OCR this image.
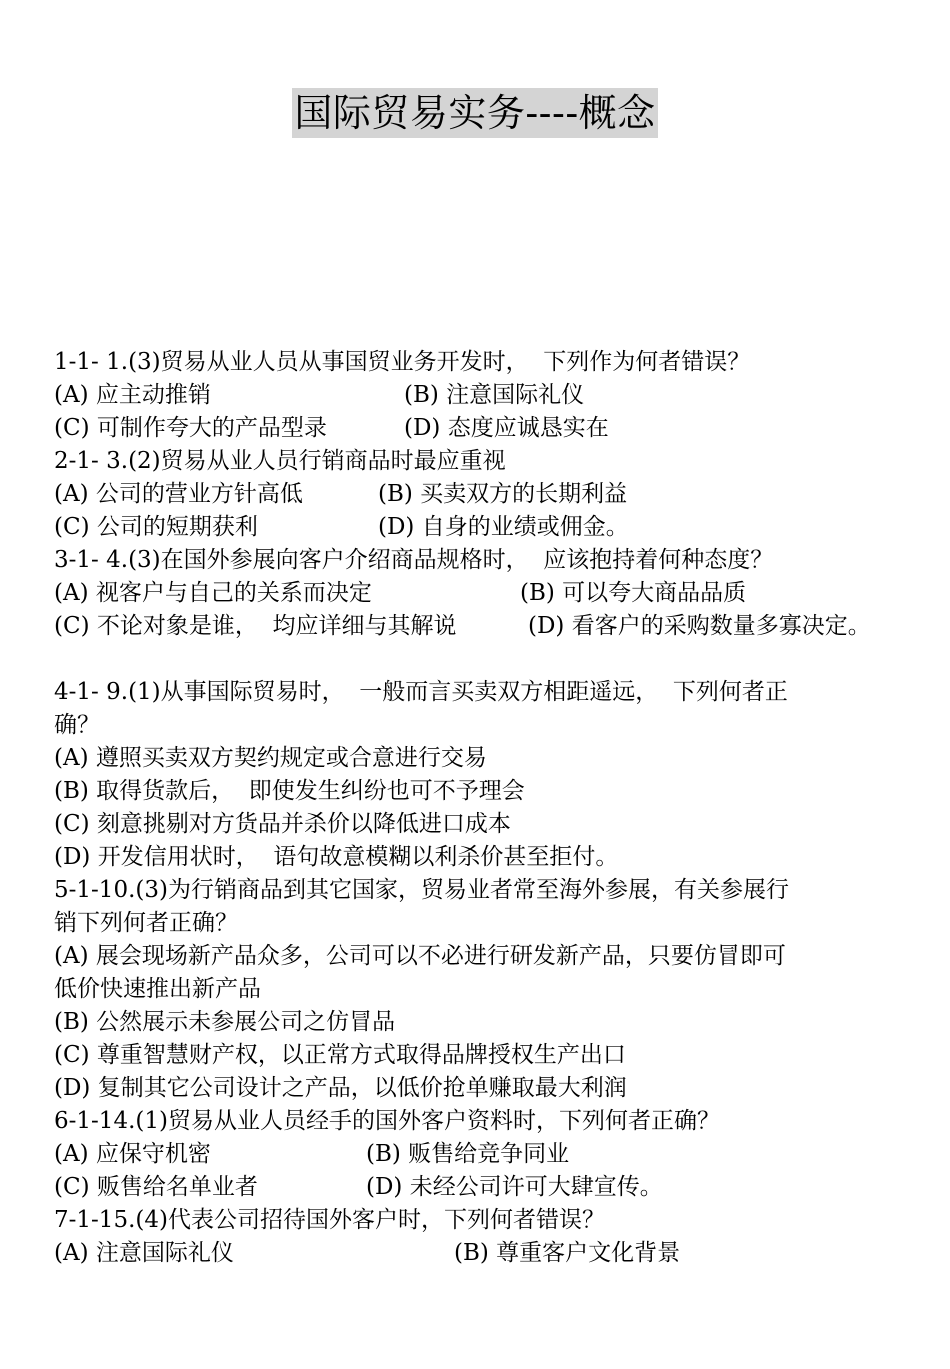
国际贸易实务----概念
1-1- 1.(3)贸易从业人员从事国贸业务开发时，  下列作为何者错误？

(A) 应主动推销

	(B) 注意国际礼仪

(C) 可制作夸大的产品型录

	(D) 态度应诚恳实在

2-1- 3.(2)贸易从业人员行销商品时最应重视

(A) 公司的营业方针高低

	(B) 买卖双方的长期利益

(C) 公司的短期获利

	(D) 自身的业绩或佣金。

3-1- 4.(3)在国外参展向客户介绍商品规格时，  应该抱持着何种态度？

(A) 视客户与自己的关系而决定

	(B) 可以夸大商品品质

(C) 不论对象是谁，  均应详细与其解说

	(D) 看客户的采购数量多寡决定。

4-1- 9.(1)从事国际贸易时，  一般而言买卖双方相距遥远，  下列何者正
确？
(A) 遵照买卖双方契约规定或合意进行交易
(B) 取得货款后，  即使发生纠纷也可不予理会
(C) 刻意挑剔对方货品并杀价以降低进口成本
(D) 开发信用状时，  语句故意模糊以利杀价甚至拒付。
5-1-10.(3)为行销商品到其它国家，贸易业者常至海外参展，有关参展行
销下列何者正确？
(A) 展会现场新产品众多，公司可以不必进行研发新产品，只要仿冒即可
低价快速推出新产品
(B) 公然展示未参展公司之仿冒品
(C) 尊重智慧财产权，以正常方式取得品牌授权生产出口
(D) 复制其它公司设计之产品，以低价抢单赚取最大利润
6-1-14.(1)贸易从业人员经手的国外客户资料时，下列何者正确？

(A) 应保守机密

	(B) 贩售给竞争同业

(C) 贩售给名单业者

	(D) 未经公司许可大肆宣传。

7-1-15.(4)代表公司招待国外客户时，下列何者错误？

(A) 注意国际礼仪

	(B) 尊重客户文化背景
